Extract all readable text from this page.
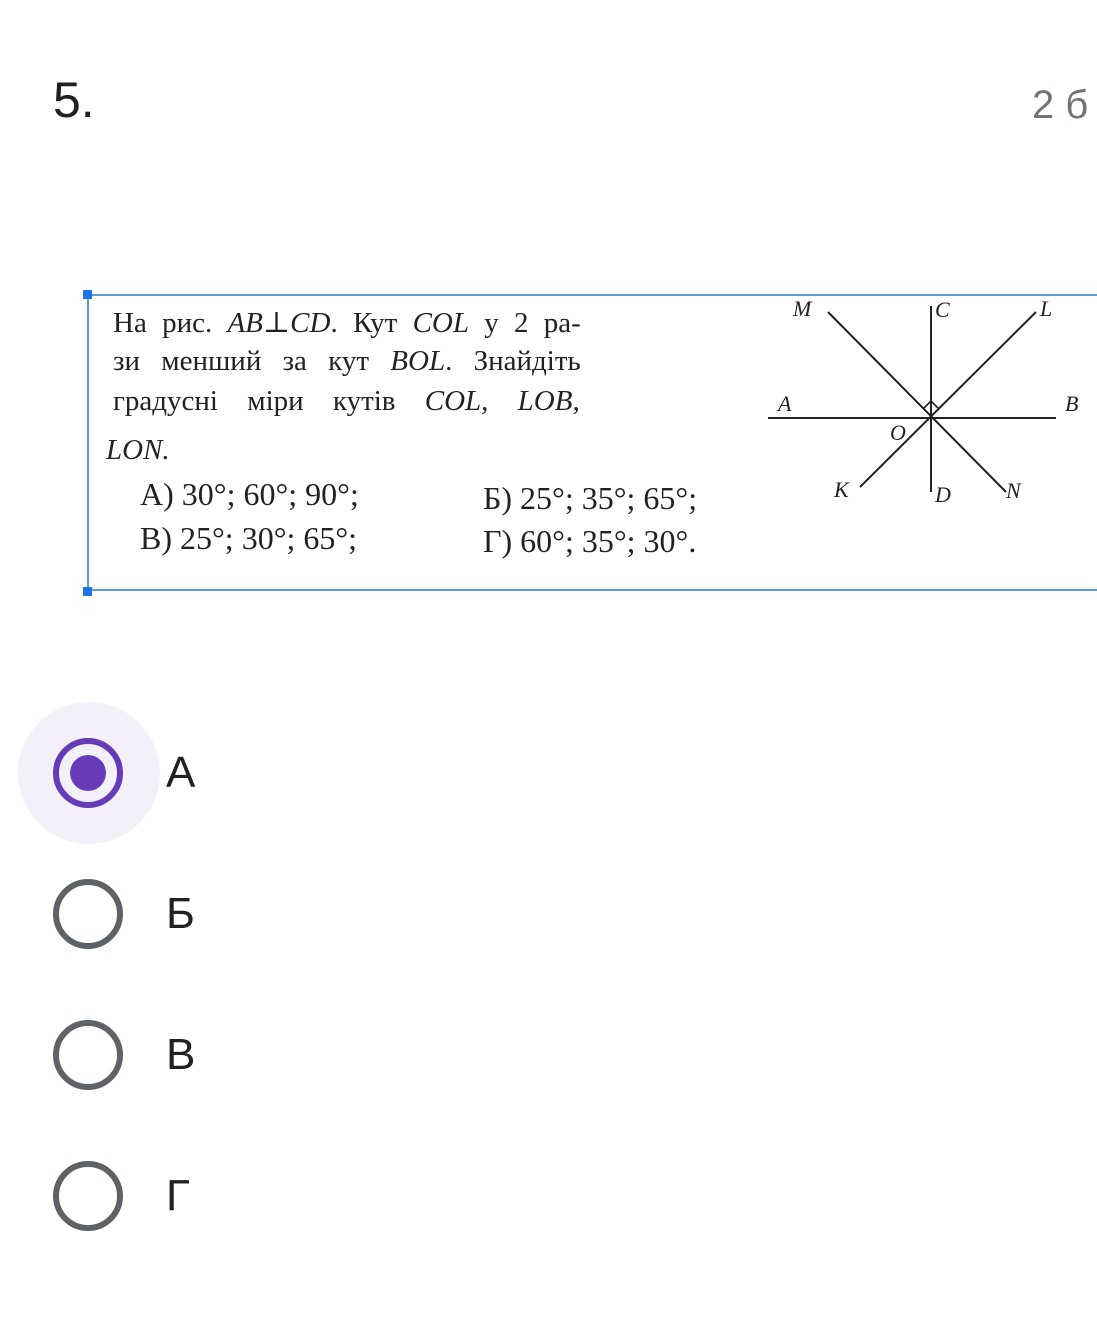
5.	2 б
На рис. AB⊥CD. Кут COL у 2 ра-
зи менший за кут BOL. Знайдіть
градусні міри кутів COL, LOB,
LON.
А) 30°; 60°; 90°;	Б) 25°; 35°; 65°;
В) 25°; 30°; 65°;	Г) 60°; 35°; 30°.
M	C	L
A	B
O
K	D	N
А
Б
В
Г
